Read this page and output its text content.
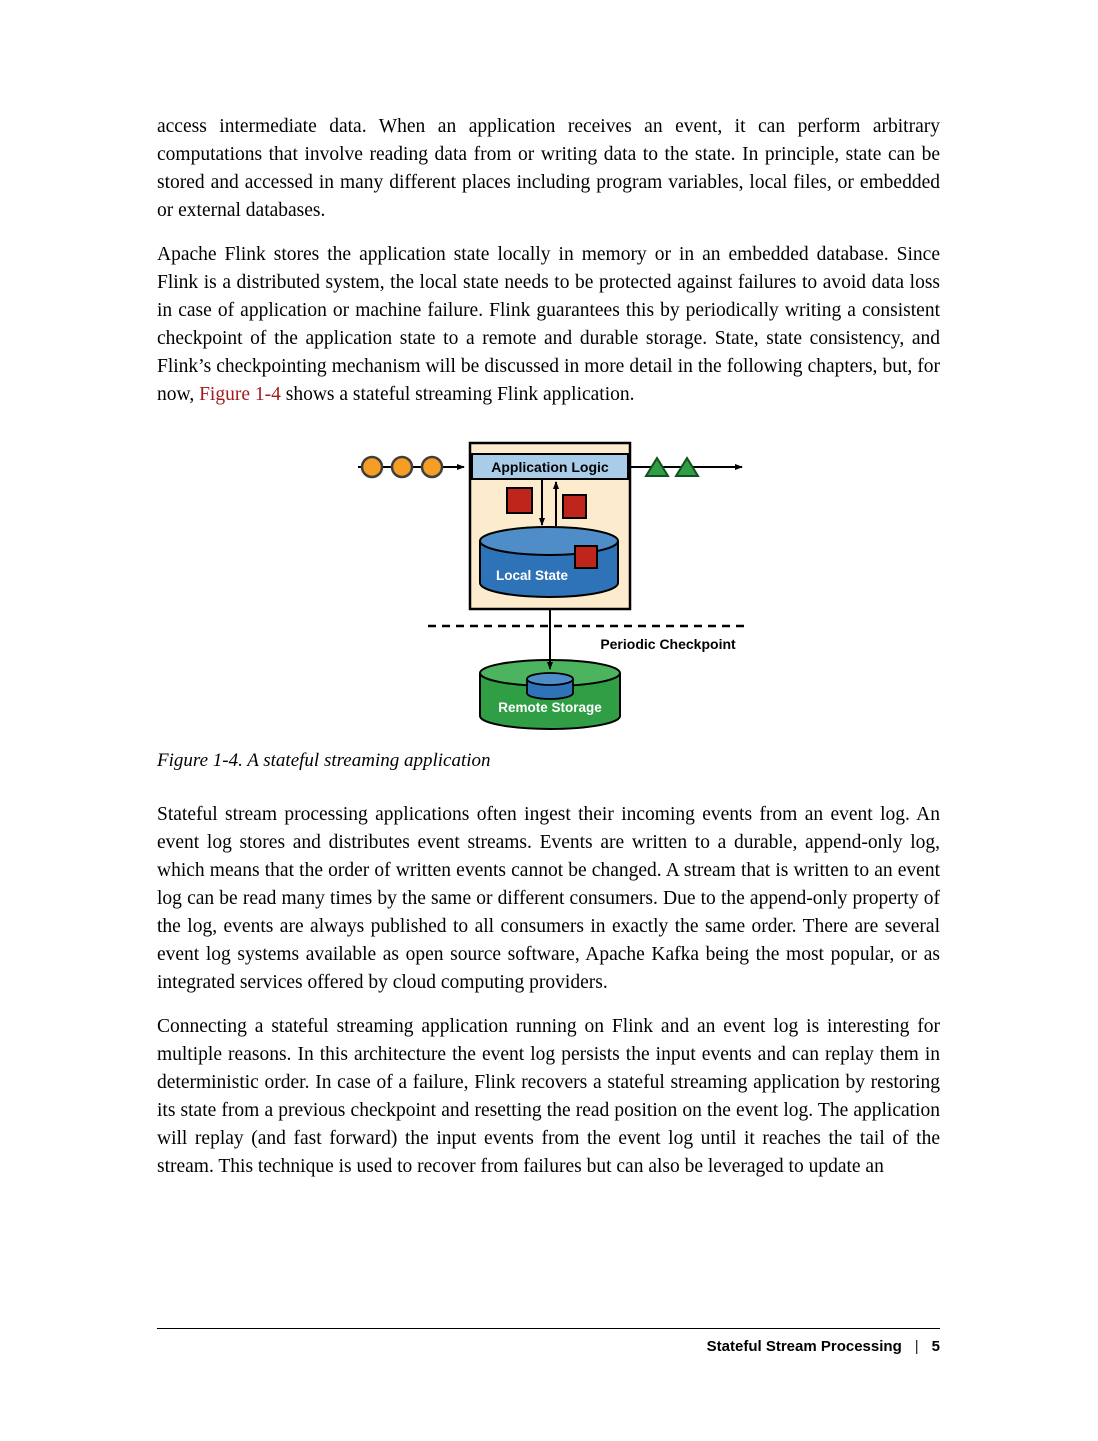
access intermediate data. When an application receives an event, it can perform arbitrary computations that involve reading data from or writing data to the state. In principle, state can be stored and accessed in many different places including program variables, local files, or embedded or external databases.

Apache Flink stores the application state locally in memory or in an embedded database. Since Flink is a distributed system, the local state needs to be protected against failures to avoid data loss in case of application or machine failure. Flink guarantees this by periodically writing a consistent checkpoint of the application state to a remote and durable storage. State, state consistency, and Flink’s checkpointing mechanism will be discussed in more detail in the following chapters, but, for now, Figure 1-4 shows a stateful streaming Flink application.

Application Logic
Local State
Periodic Checkpoint
Remote Storage

Figure 1-4. A stateful streaming application

Stateful stream processing applications often ingest their incoming events from an event log. An event log stores and distributes event streams. Events are written to a durable, append-only log, which means that the order of written events cannot be changed. A stream that is written to an event log can be read many times by the same or different consumers. Due to the append-only property of the log, events are always published to all consumers in exactly the same order. There are several event log systems available as open source software, Apache Kafka being the most popular, or as integrated services offered by cloud computing providers.

Connecting a stateful streaming application running on Flink and an event log is interesting for multiple reasons. In this architecture the event log persists the input events and can replay them in deterministic order. In case of a failure, Flink recovers a stateful streaming application by restoring its state from a previous checkpoint and resetting the read position on the event log. The application will replay (and fast forward) the input events from the event log until it reaches the tail of the stream. This technique is used to recover from failures but can also be leveraged to update an

Stateful Stream Processing | 5
